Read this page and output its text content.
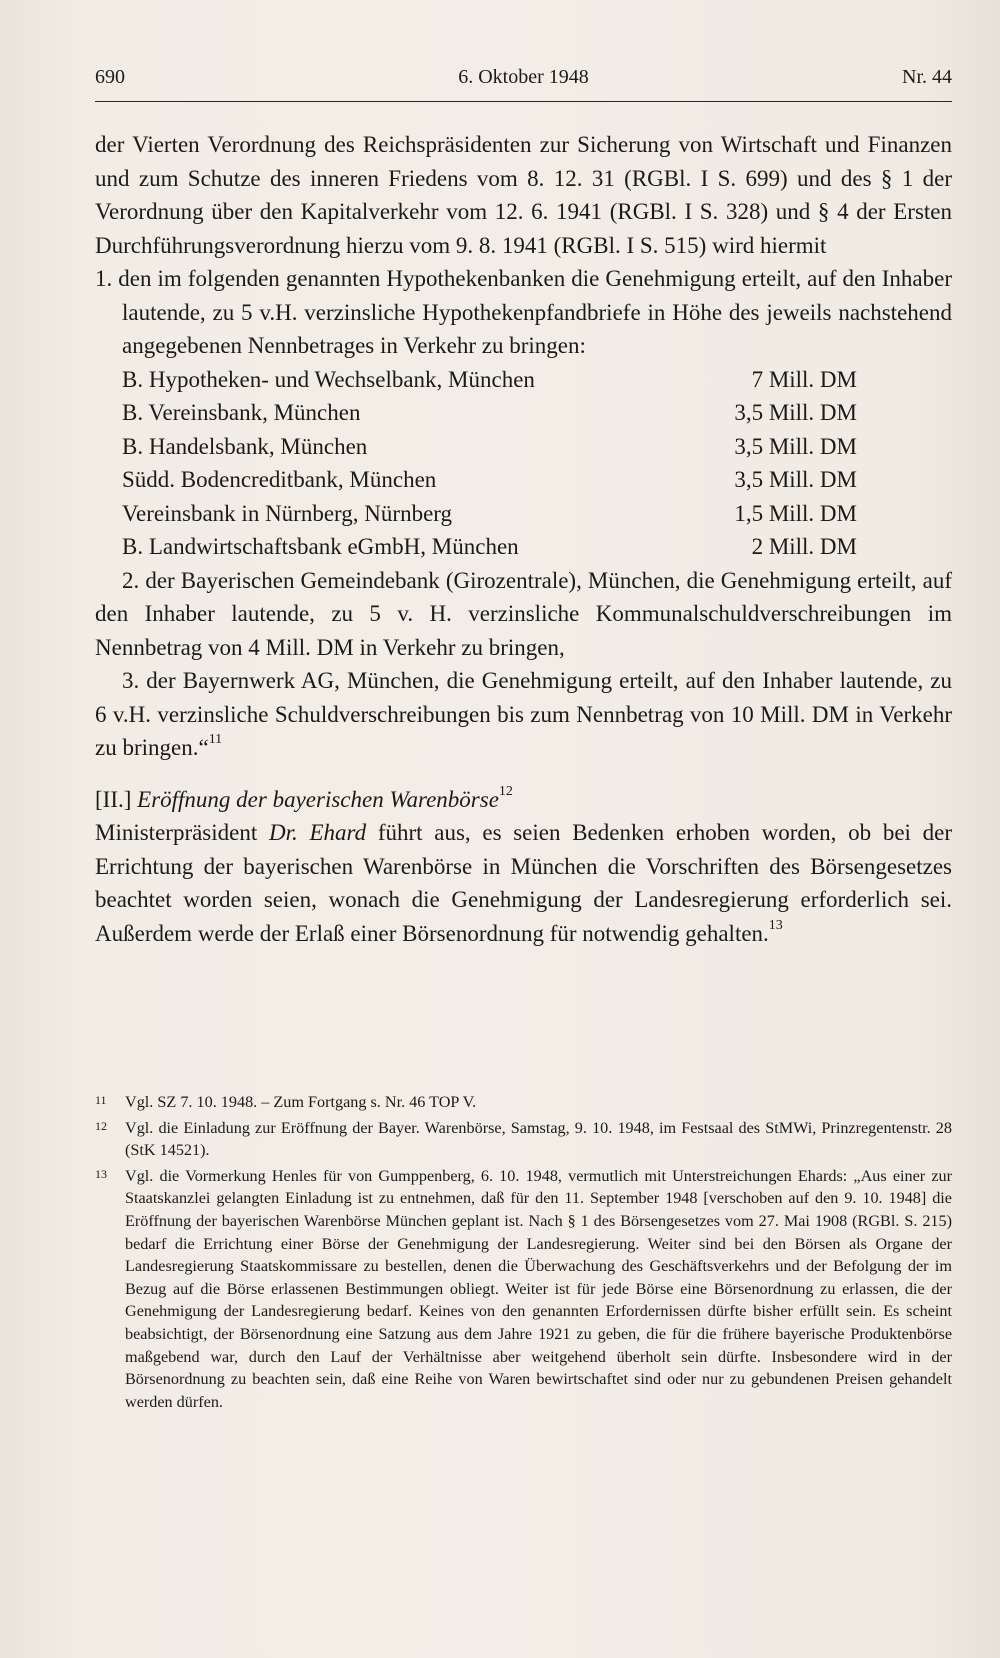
690	6. Oktober 1948	Nr. 44

der Vierten Verordnung des Reichspräsidenten zur Sicherung von Wirtschaft und Finanzen und zum Schutze des inneren Friedens vom 8. 12. 31 (RGBl. I S. 699) und des § 1 der Verordnung über den Kapitalverkehr vom 12. 6. 1941 (RGBl. I S. 328) und § 4 der Ersten Durchführungsverordnung hierzu vom 9. 8. 1941 (RGBl. I S. 515) wird hiermit

1. den im folgenden genannten Hypothekenbanken die Genehmigung erteilt, auf den Inhaber lautende, zu 5 v.H. verzinsliche Hypothekenpfandbriefe in Höhe des jeweils nachstehend angegebenen Nennbetrages in Verkehr zu bringen:

B. Hypotheken- und Wechselbank, München	7 Mill. DM
B. Vereinsbank, München	3,5 Mill. DM
B. Handelsbank, München	3,5 Mill. DM
Südd. Bodencreditbank, München	3,5 Mill. DM
Vereinsbank in Nürnberg, Nürnberg	1,5 Mill. DM
B. Landwirtschaftsbank eGmbH, München	2 Mill. DM

2. der Bayerischen Gemeindebank (Girozentrale), München, die Genehmigung erteilt, auf den Inhaber lautende, zu 5 v. H. verzinsliche Kommunalschuldverschreibungen im Nennbetrag von 4 Mill. DM in Verkehr zu bringen,

3. der Bayernwerk AG, München, die Genehmigung erteilt, auf den Inhaber lautende, zu 6 v.H. verzinsliche Schuldverschreibungen bis zum Nennbetrag von 10 Mill. DM in Verkehr zu bringen.“$^{11}$

[II.] Eröffnung der bayerischen Warenbörse$^{12}$

Ministerpräsident Dr. Ehard führt aus, es seien Bedenken erhoben worden, ob bei der Errichtung der bayerischen Warenbörse in München die Vorschriften des Börsengesetzes beachtet worden seien, wonach die Genehmigung der Landesregierung erforderlich sei. Außerdem werde der Erlaß einer Börsenordnung für notwendig gehalten.$^{13}$

11	Vgl. SZ 7. 10. 1948. – Zum Fortgang s. Nr. 46 TOP V.
12	Vgl. die Einladung zur Eröffnung der Bayer. Warenbörse, Samstag, 9. 10. 1948, im Festsaal des StMWi, Prinzregentenstr. 28 (StK 14521).
13	Vgl. die Vormerkung Henles für von Gumppenberg, 6. 10. 1948, vermutlich mit Unterstreichungen Ehards: „Aus einer zur Staatskanzlei gelangten Einladung ist zu entnehmen, daß für den 11. September 1948 [verschoben auf den 9. 10. 1948] die Eröffnung der bayerischen Warenbörse München geplant ist. Nach § 1 des Börsengesetzes vom 27. Mai 1908 (RGBl. S. 215) bedarf die Errichtung einer Börse der Genehmigung der Landesregierung. Weiter sind bei den Börsen als Organe der Landesregierung Staatskommissare zu bestellen, denen die Überwachung des Geschäftsverkehrs und der Befolgung der im Bezug auf die Börse erlassenen Bestimmungen obliegt. Weiter ist für jede Börse eine Börsenordnung zu erlassen, die der Genehmigung der Landesregierung bedarf. Keines von den genannten Erfordernissen dürfte bisher erfüllt sein. Es scheint beabsichtigt, der Börsenordnung eine Satzung aus dem Jahre 1921 zu geben, die für die frühere bayerische Produktenbörse maßgebend war, durch den Lauf der Verhältnisse aber weitgehend überholt sein dürfte. Insbesondere wird in der Börsenordnung zu beachten sein, daß eine Reihe von Waren bewirtschaftet sind oder nur zu gebundenen Preisen gehandelt werden dürfen.
